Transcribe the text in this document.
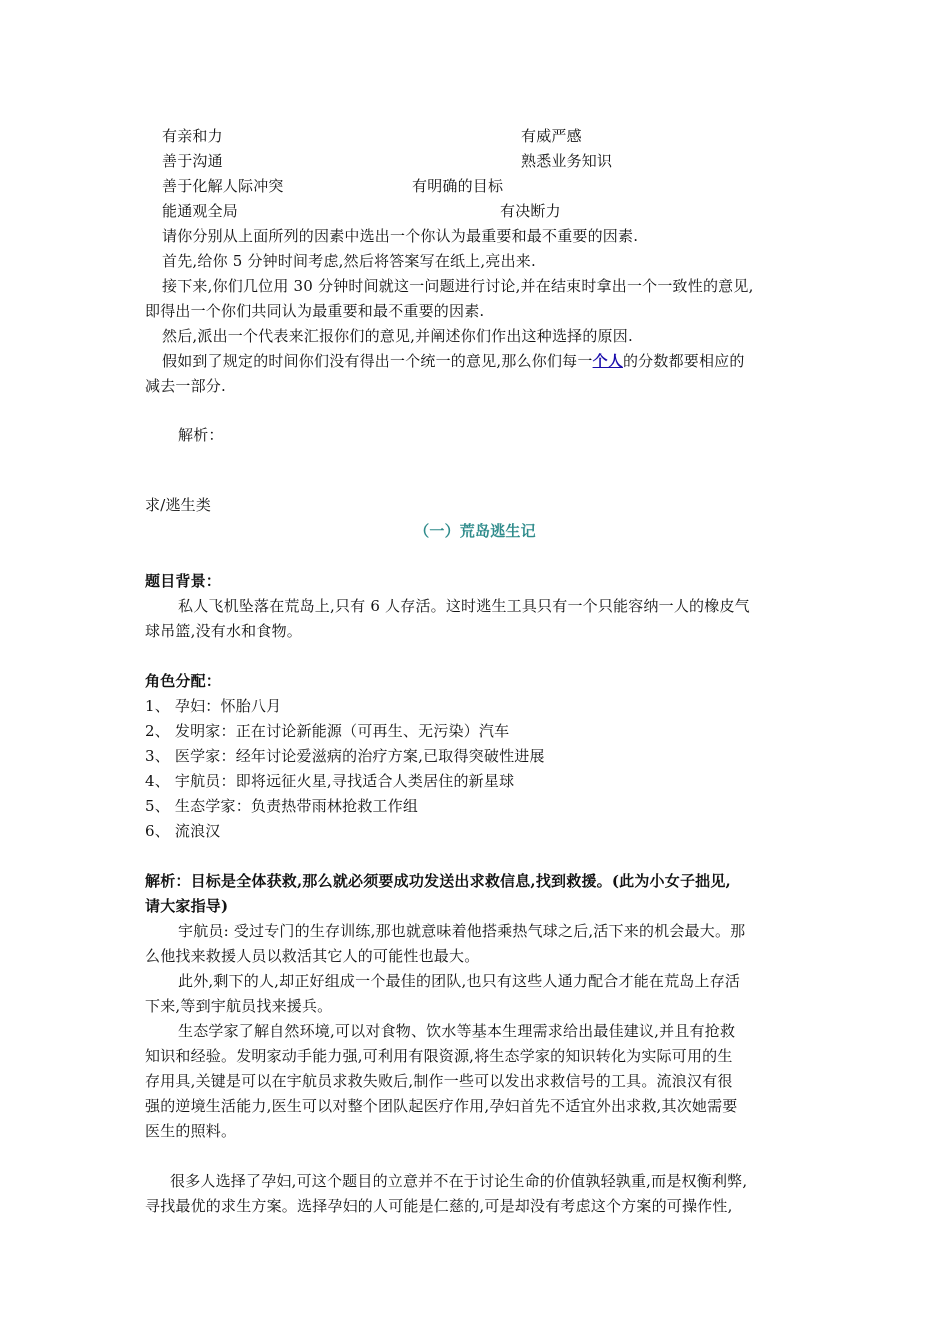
有亲和力	有威严感
善于沟通	熟悉业务知识
善于化解人际冲突	有明确的目标
能通观全局	有决断力
请你分别从上面所列的因素中选出一个你认为最重要和最不重要的因素.
首先,给你 5 分钟时间考虑,然后将答案写在纸上,亮出来.
接下来,你们几位用 30 分钟时间就这一问题进行讨论,并在结束时拿出一个一致性的意见,
即得出一个你们共同认为最重要和最不重要的因素.
然后,派出一个代表来汇报你们的意见,并阐述你们作出这种选择的原因.
假如到了规定的时间你们没有得出一个统一的意见,那么你们每一个人的分数都要相应的
减去一部分.
解析：
求/逃生类
（一）荒岛逃生记
题目背景：
私人飞机坠落在荒岛上,只有 6 人存活。这时逃生工具只有一个只能容纳一人的橡皮气
球吊篮,没有水和食物。
角色分配：
1、 孕妇：怀胎八月
2、 发明家：正在讨论新能源（可再生、无污染）汽车
3、 医学家：经年讨论爱滋病的治疗方案,已取得突破性进展
4、 宇航员：即将远征火星,寻找适合人类居住的新星球
5、 生态学家：负责热带雨林抢救工作组
6、 流浪汉
解析：目标是全体获救,那么就必须要成功发送出求救信息,找到救援。(此为小女子拙见,
请大家指导)
宇航员: 受过专门的生存训练,那也就意味着他搭乘热气球之后,活下来的机会最大。那
么他找来救援人员以救活其它人的可能性也最大。
此外,剩下的人,却正好组成一个最佳的团队,也只有这些人通力配合才能在荒岛上存活
下来,等到宇航员找来援兵。
生态学家了解自然环境,可以对食物、饮水等基本生理需求给出最佳建议,并且有抢救
知识和经验。发明家动手能力强,可利用有限资源,将生态学家的知识转化为实际可用的生
存用具,关键是可以在宇航员求救失败后,制作一些可以发出求救信号的工具。流浪汉有很
强的逆境生活能力,医生可以对整个团队起医疗作用,孕妇首先不适宜外出求救,其次她需要
医生的照料。
很多人选择了孕妇,可这个题目的立意并不在于讨论生命的价值孰轻孰重,而是权衡利弊,
寻找最优的求生方案。选择孕妇的人可能是仁慈的,可是却没有考虑这个方案的可操作性,
